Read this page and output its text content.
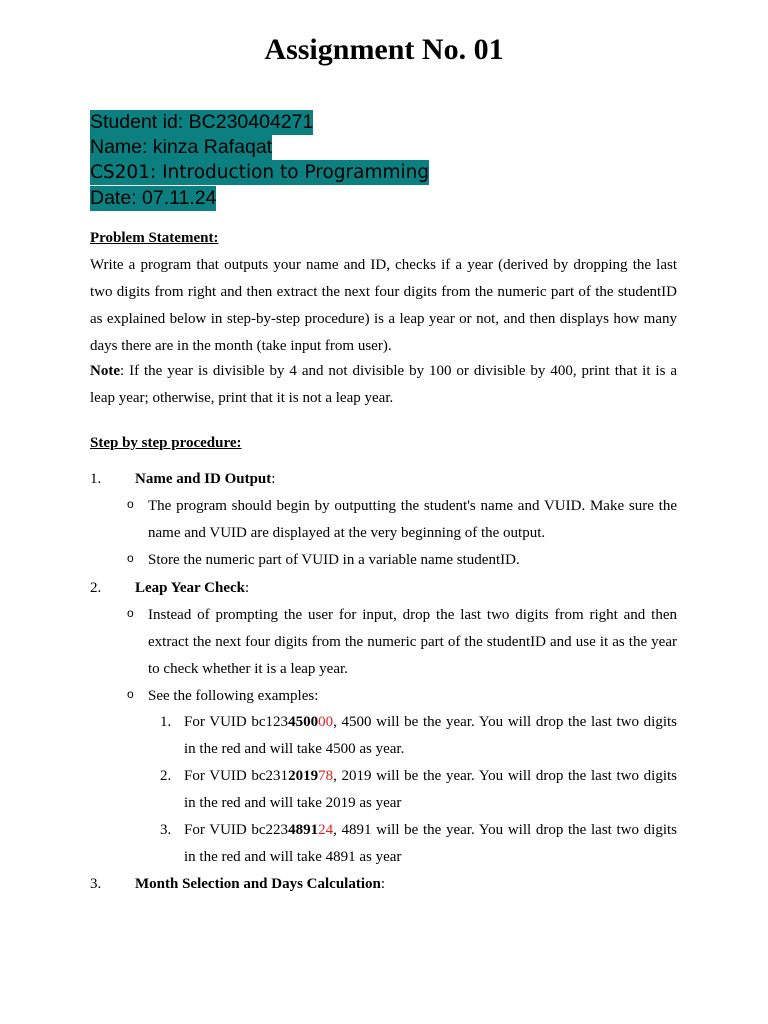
Assignment No. 01
Student id: BC230404271
Name: kinza Rafaqat
CS201: Introduction to Programming
Date: 07.11.24
Problem Statement:
Write a program that outputs your name and ID, checks if a year (derived by dropping the last two digits from right and then extract the next four digits from the numeric part of the studentID as explained below in step-by-step procedure) is a leap year or not, and then displays how many days there are in the month (take input from user).
Note: If the year is divisible by 4 and not divisible by 100 or divisible by 400, print that it is a leap year; otherwise, print that it is not a leap year.
Step by step procedure:
1. Name and ID Output:
o The program should begin by outputting the student's name and VUID. Make sure the name and VUID are displayed at the very beginning of the output.
o Store the numeric part of VUID in a variable name studentID.
2. Leap Year Check:
o Instead of prompting the user for input, drop the last two digits from right and then extract the next four digits from the numeric part of the studentID and use it as the year to check whether it is a leap year.
o See the following examples:
1. For VUID bc123450000, 4500 will be the year. You will drop the last two digits in the red and will take 4500 as year.
2. For VUID bc231201978, 2019 will be the year. You will drop the last two digits in the red and will take 2019 as year
3. For VUID bc223489124, 4891 will be the year. You will drop the last two digits in the red and will take 4891 as year
3. Month Selection and Days Calculation:
